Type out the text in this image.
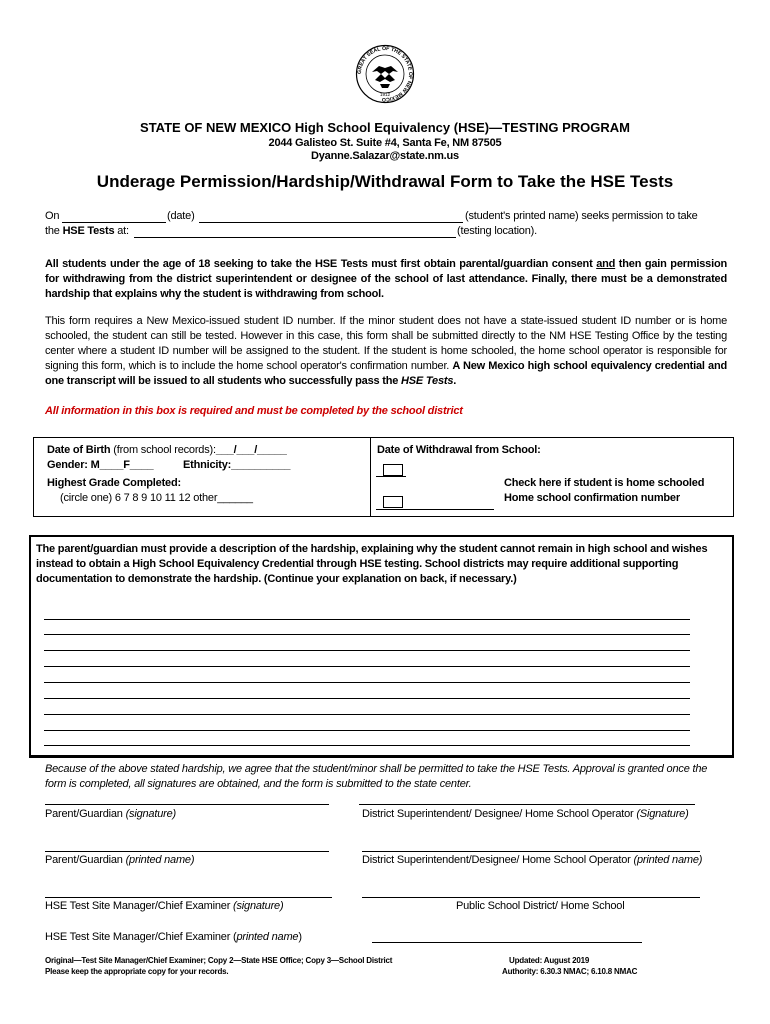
GREAT SEAL OF THE STATE OF NEW MEXICO
1912
STATE OF NEW MEXICO High School Equivalency (HSE)—TESTING PROGRAM
2044 Galisteo St. Suite #4, Santa Fe, NM 87505
Dyanne.Salazar@state.nm.us
Underage Permission/Hardship/Withdrawal Form to Take the HSE Tests
On	(date)	(student's printed name) seeks permission to take
the HSE Tests at:	(testing location).
All students under the age of 18 seeking to take the HSE Tests must first obtain parental/guardian consent and then gain permission for withdrawing from the district superintendent or designee of the school of last attendance. Finally, there must be a demonstrated hardship that explains why the student is withdrawing from school.
This form requires a New Mexico-issued student ID number. If the minor student does not have a state-issued student ID number or is home schooled, the student can still be tested. However in this case, this form shall be submitted directly to the NM HSE Testing Office by the testing center where a student ID number will be assigned to the student. If the student is home schooled, the home school operator is responsible for signing this form, which is to include the home school operator's confirmation number. A New Mexico high school equivalency credential and one transcript will be issued to all students who successfully pass the HSE Tests.
All information in this box is required and must be completed by the school district
Date of Birth (from school records):___/___/_____
Gender: M____F____	Ethnicity:__________
Highest Grade Completed:
(circle one) 6 7 8 9 10 11 12 other______
Date of Withdrawal from School:
Check here if student is home schooled
Home school confirmation number
The parent/guardian must provide a description of the hardship, explaining why the student cannot remain in high school and wishes instead to obtain a High School Equivalency Credential through HSE testing. School districts may require additional supporting documentation to demonstrate the hardship. (Continue your explanation on back, if necessary.)
Because of the above stated hardship, we agree that the student/minor shall be permitted to take the HSE Tests. Approval is granted once the form is completed, all signatures are obtained, and the form is submitted to the state center.
Parent/Guardian (signature)	District Superintendent/ Designee/ Home School Operator (Signature)
Parent/Guardian (printed name)	District Superintendent/Designee/ Home School Operator (printed name)
HSE Test Site Manager/Chief Examiner (signature)	Public School District/ Home School
HSE Test Site Manager/Chief Examiner (printed name)
Original—Test Site Manager/Chief Examiner; Copy 2—State HSE Office; Copy 3—School District
Please keep the appropriate copy for your records.
Updated: August 2019
Authority: 6.30.3 NMAC; 6.10.8 NMAC
